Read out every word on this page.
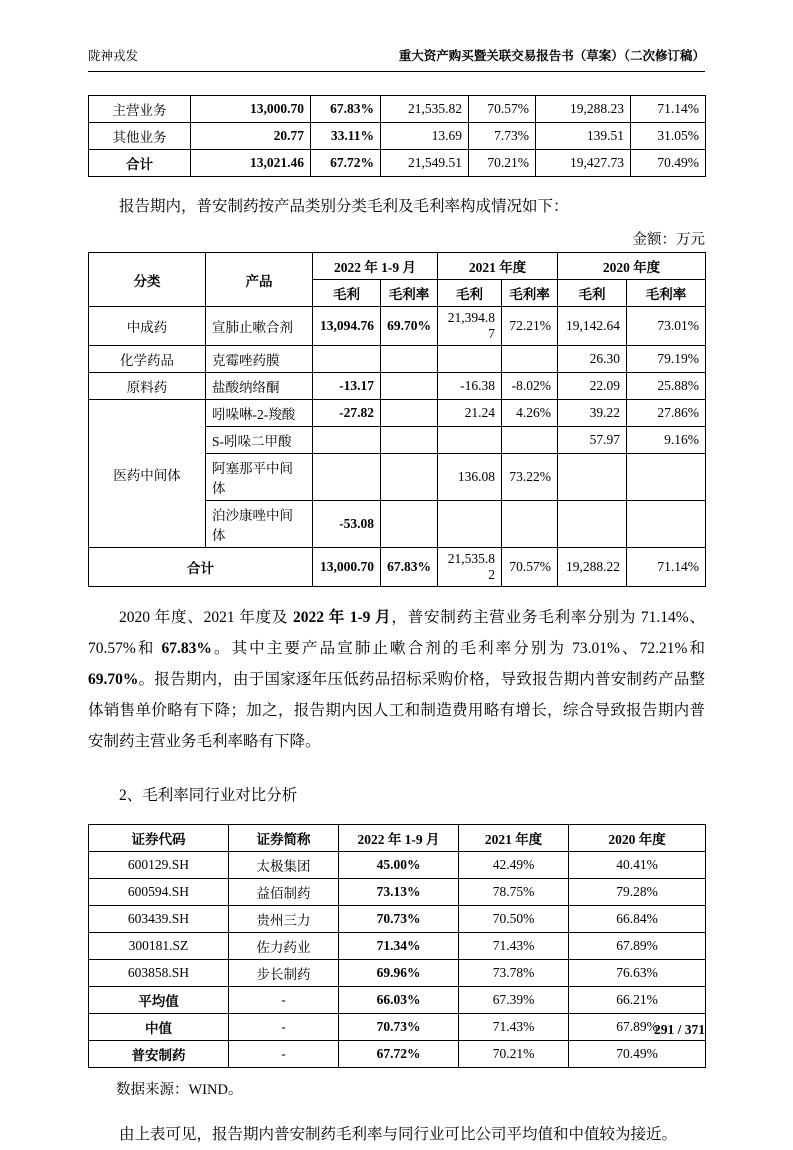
陇神戎发	重大资产购买暨关联交易报告书（草案）（二次修订稿）
主营业务	13,000.70	67.83%	21,535.82	70.57%	19,288.23	71.14%
其他业务	20.77	33.11%	13.69	7.73%	139.51	31.05%
合计	13,021.46	67.72%	21,549.51	70.21%	19,427.73	70.49%

报告期内，普安制药按产品类别分类毛利及毛利率构成情况如下：

金额：万元
分类	产品	2022 年 1-9 月		2021 年度		2020 年度	
		毛利	毛利率	毛利	毛利率	毛利	毛利率
中成药	宣肺止嗽合剂	13,094.76	69.70%	21,394.87	72.21%	19,142.64	73.01%
化学药品	克霉唑药膜					26.30	79.19%
原料药	盐酸纳络酮	-13.17		-16.38	-8.02%	22.09	25.88%
医药中间体	吲哚啉-2-羧酸	-27.82		21.24	4.26%	39.22	27.86%
	S-吲哚二甲酸					57.97	9.16%
	阿塞那平中间体			136.08	73.22%		
	泊沙康唑中间体	-53.08					
合计		13,000.70	67.83%	21,535.82	70.57%	19,288.22	71.14%

2020 年度、2021 年度及 2022 年 1-9 月，普安制药主营业务毛利率分别为 71.14%、70.57%和 67.83%。其中主要产品宣肺止嗽合剂的毛利率分别为 73.01%、72.21%和 69.70%。报告期内，由于国家逐年压低药品招标采购价格，导致报告期内普安制药产品整体销售单价略有下降；加之，报告期内因人工和制造费用略有增长，综合导致报告期内普安制药主营业务毛利率略有下降。

2、毛利率同行业对比分析

证券代码	证券简称	2022 年 1-9 月	2021 年度	2020 年度
600129.SH	太极集团	45.00%	42.49%	40.41%
600594.SH	益佰制药	73.13%	78.75%	79.28%
603439.SH	贵州三力	70.73%	70.50%	66.84%
300181.SZ	佐力药业	71.34%	71.43%	67.89%
603858.SH	步长制药	69.96%	73.78%	76.63%
平均值	-	66.03%	67.39%	66.21%
中值	-	70.73%	71.43%	67.89%
普安制药	-	67.72%	70.21%	70.49%

数据来源：WIND。

由上表可见，报告期内普安制药毛利率与同行业可比公司平均值和中值较为接近。

291 / 371
